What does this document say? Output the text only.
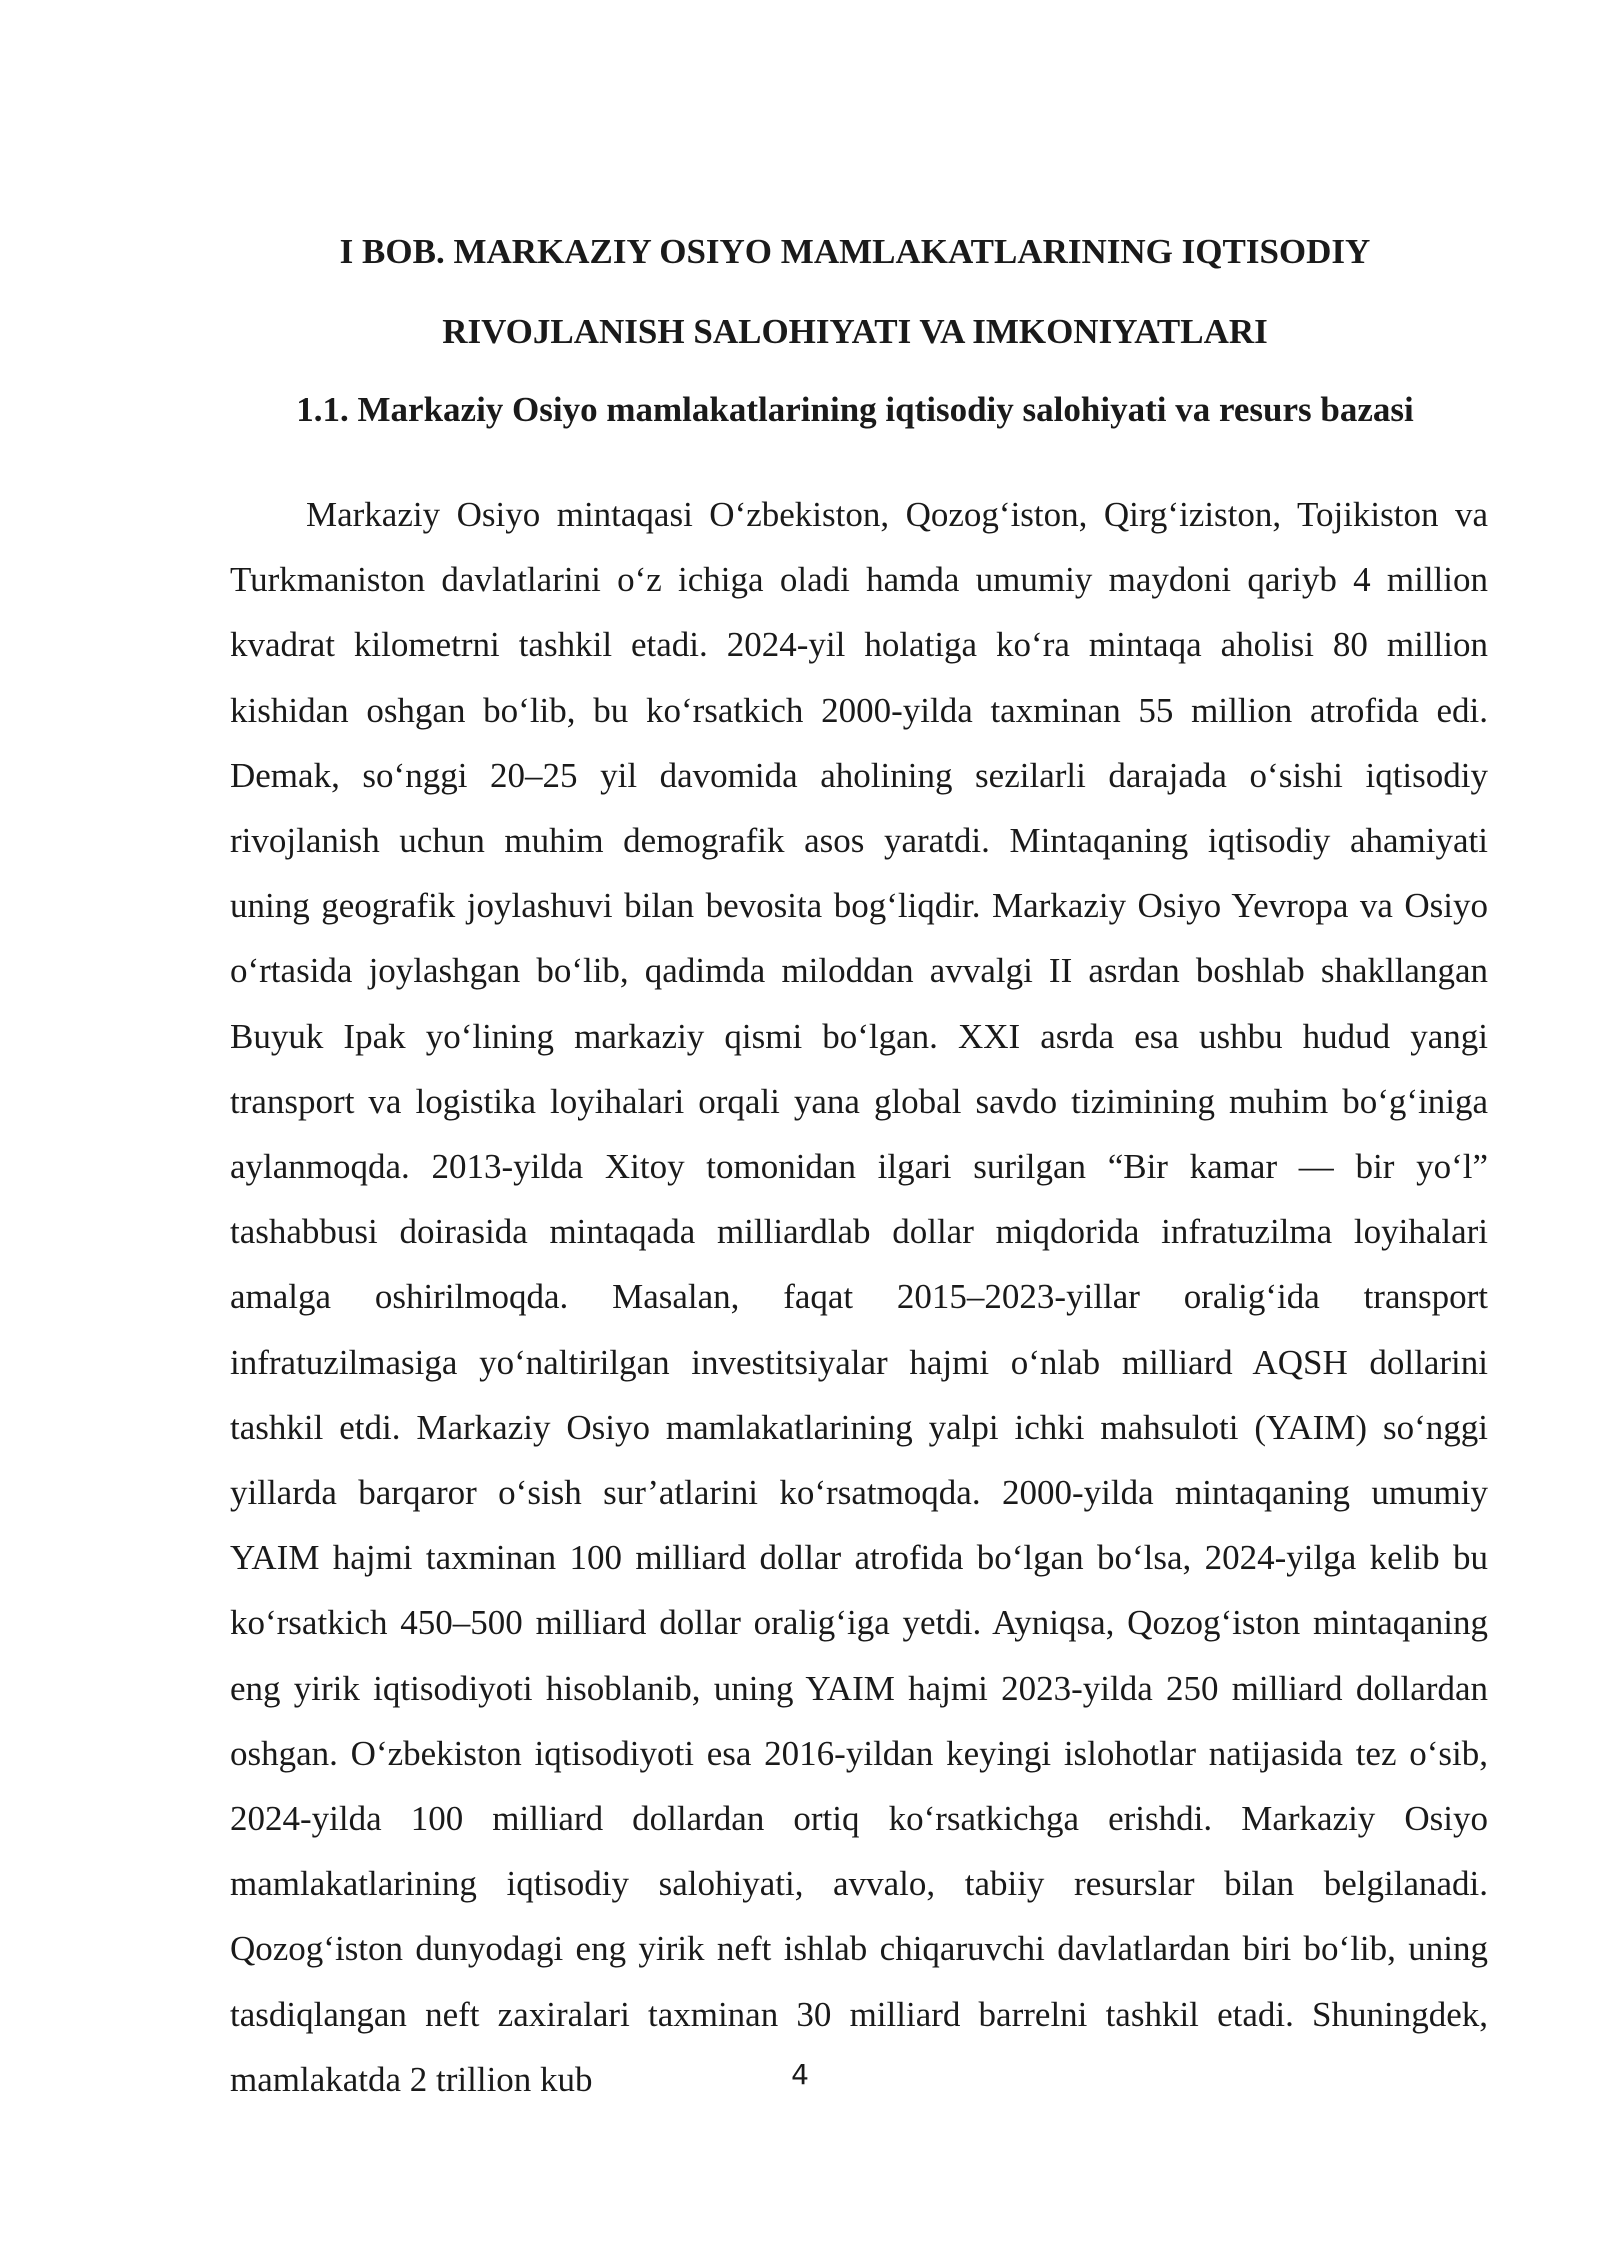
I BOB. MARKAZIY OSIYO MAMLAKATLARINING IQTISODIY
RIVOJLANISH SALOHIYATI VA IMKONIYATLARI
1.1. Markaziy Osiyo mamlakatlarining iqtisodiy salohiyati va resurs bazasi

Markaziy Osiyo mintaqasi O‘zbekiston, Qozog‘iston, Qirg‘iziston, Tojikiston va Turkmaniston davlatlarini o‘z ichiga oladi hamda umumiy maydoni qariyb 4 million kvadrat kilometrni tashkil etadi. 2024-yil holatiga ko‘ra mintaqa aholisi 80 million kishidan oshgan bo‘lib, bu ko‘rsatkich 2000-yilda taxminan 55 million atrofida edi. Demak, so‘nggi 20–25 yil davomida aholining sezilarli darajada o‘sishi iqtisodiy rivojlanish uchun muhim demografik asos yaratdi. Mintaqaning iqtisodiy ahamiyati uning geografik joylashuvi bilan bevosita bog‘liqdir. Markaziy Osiyo Yevropa va Osiyo o‘rtasida joylashgan bo‘lib, qadimda miloddan avvalgi II asrdan boshlab shakllangan Buyuk Ipak yo‘lining markaziy qismi bo‘lgan. XXI asrda esa ushbu hudud yangi transport va logistika loyihalari orqali yana global savdo tizimining muhim bo‘g‘iniga aylanmoqda. 2013-yilda Xitoy tomonidan ilgari surilgan “Bir kamar — bir yo‘l” tashabbusi doirasida mintaqada milliardlab dollar miqdorida infratuzilma loyihalari amalga oshirilmoqda. Masalan, faqat 2015–2023-yillar oralig‘ida transport infratuzilmasiga yo‘naltirilgan investitsiyalar hajmi o‘nlab milliard AQSH dollarini tashkil etdi. Markaziy Osiyo mamlakatlarining yalpi ichki mahsuloti (YAIM) so‘nggi yillarda barqaror o‘sish sur’atlarini ko‘rsatmoqda. 2000-yilda mintaqaning umumiy YAIM hajmi taxminan 100 milliard dollar atrofida bo‘lgan bo‘lsa, 2024-yilga kelib bu ko‘rsatkich 450–500 milliard dollar oralig‘iga yetdi. Ayniqsa, Qozog‘iston mintaqaning eng yirik iqtisodiyoti hisoblanib, uning YAIM hajmi 2023-yilda 250 milliard dollardan oshgan. O‘zbekiston iqtisodiyoti esa 2016-yildan keyingi islohotlar natijasida tez o‘sib, 2024-yilda 100 milliard dollardan ortiq ko‘rsatkichga erishdi. Markaziy Osiyo mamlakatlarining iqtisodiy salohiyati, avvalo, tabiiy resurslar bilan belgilanadi. Qozog‘iston dunyodagi eng yirik neft ishlab chiqaruvchi davlatlardan biri bo‘lib, uning tasdiqlangan neft zaxiralari taxminan 30 milliard barrelni tashkil etadi. Shuningdek, mamlakatda 2 trillion kub	4
